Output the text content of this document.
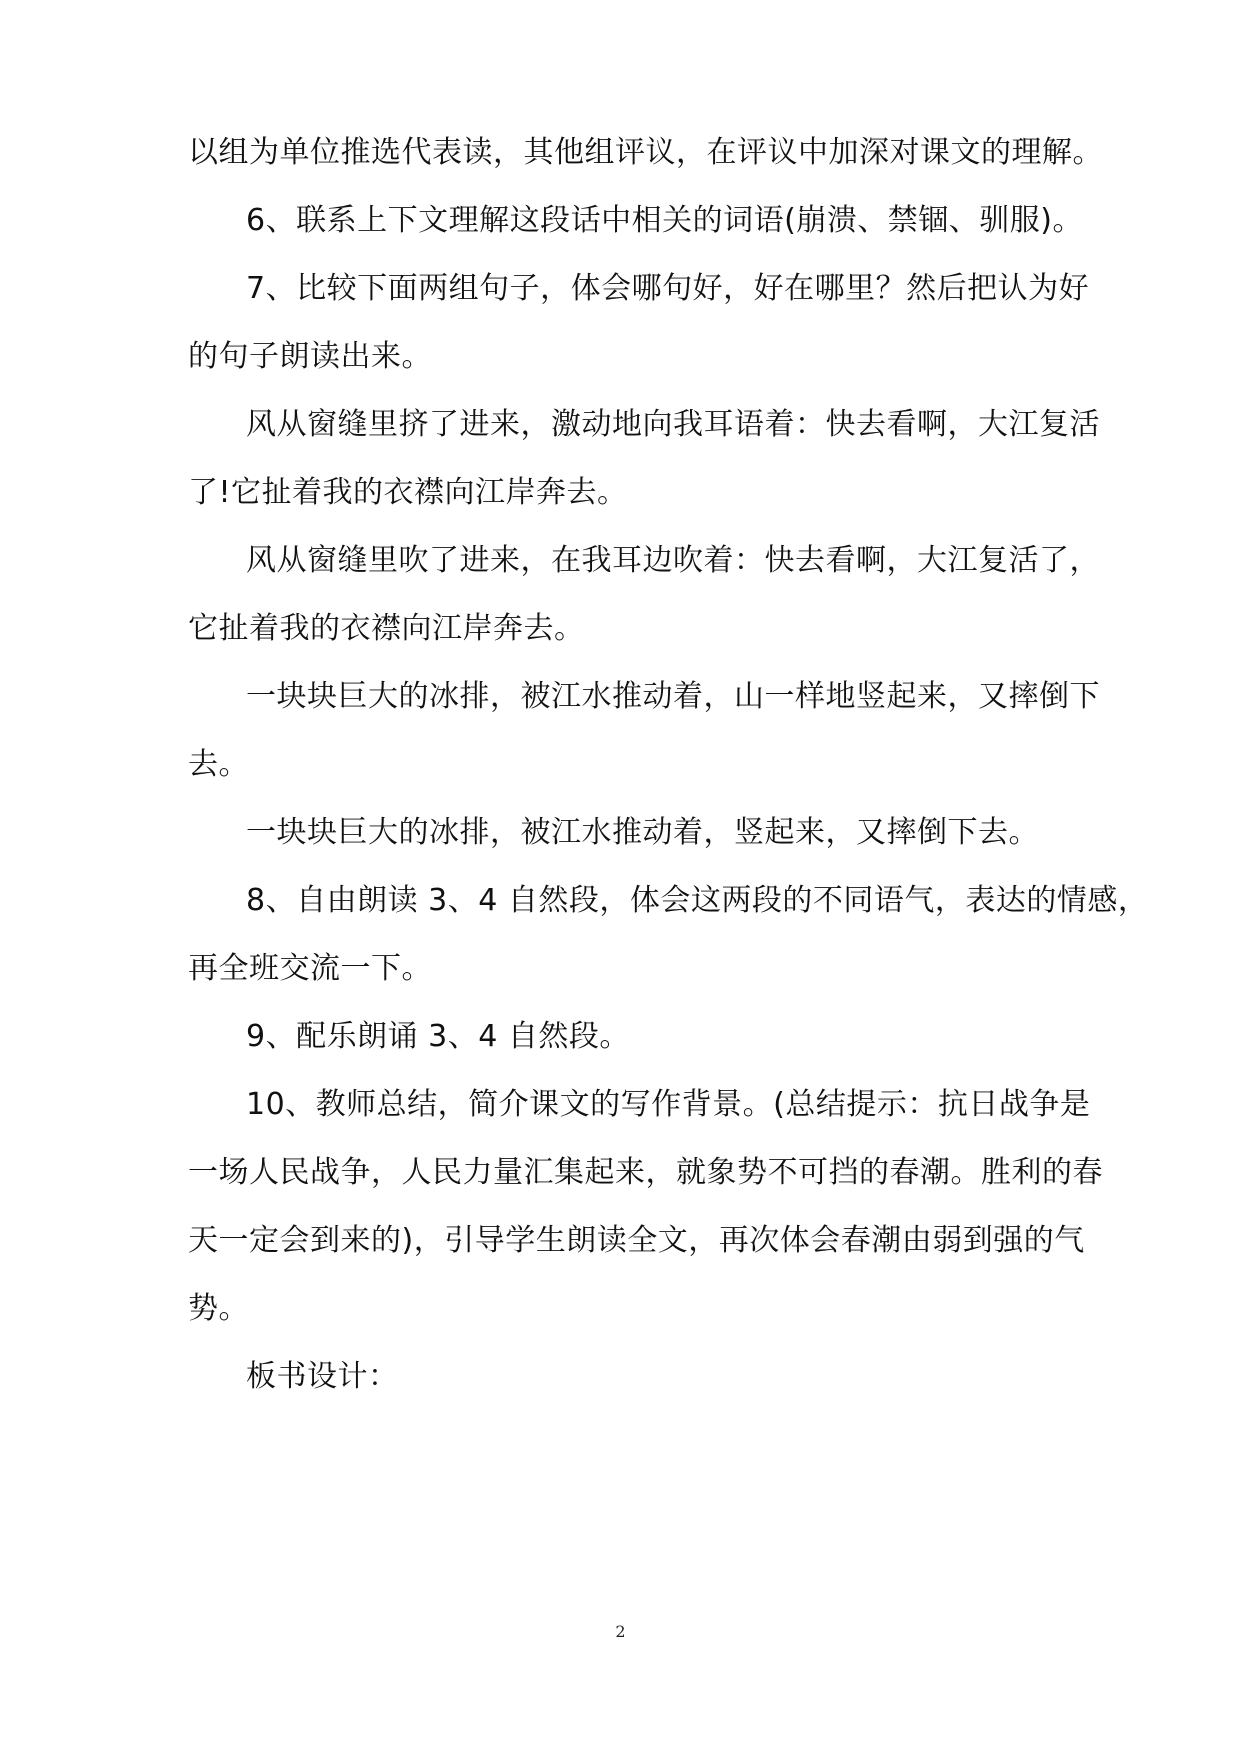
以组为单位推选代表读，其他组评议，在评议中加深对课文的理解。
6、联系上下文理解这段话中相关的词语(崩溃、禁锢、驯服)。
7、比较下面两组句子，体会哪句好，好在哪里？然后把认为好
的句子朗读出来。
风从窗缝里挤了进来，激动地向我耳语着：快去看啊，大江复活
了!它扯着我的衣襟向江岸奔去。
风从窗缝里吹了进来，在我耳边吹着：快去看啊，大江复活了，
它扯着我的衣襟向江岸奔去。
一块块巨大的冰排，被江水推动着，山一样地竖起来，又摔倒下
去。
一块块巨大的冰排，被江水推动着，竖起来，又摔倒下去。
8、自由朗读 3、4 自然段，体会这两段的不同语气，表达的情感，
再全班交流一下。
9、配乐朗诵 3、4 自然段。
10、教师总结，简介课文的写作背景。(总结提示：抗日战争是
一场人民战争，人民力量汇集起来，就象势不可挡的春潮。胜利的春
天一定会到来的)，引导学生朗读全文，再次体会春潮由弱到强的气
势。
板书设计：
2
